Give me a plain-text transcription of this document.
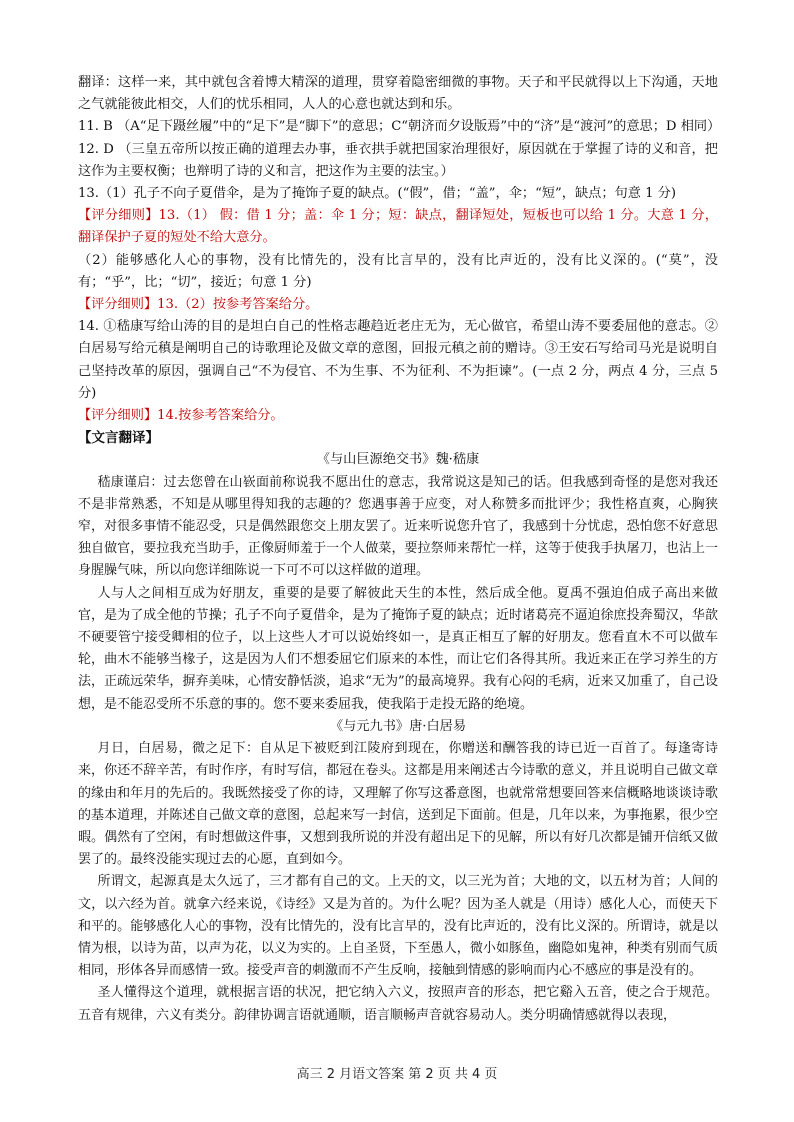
翻译：这样一来，其中就包含着博大精深的道理，贯穿着隐密细微的事物。天子和平民就得以上下沟通，天地之气就能彼此相交，人们的忧乐相同，人人的心意也就达到和乐。

11. B （A“足下蹑丝履”中的“足下”是“脚下”的意思；C“朝济而夕设版焉”中的“济”是“渡河”的意思；D 相同）

12. D （三皇五帝所以按正确的道理去办事，垂衣拱手就把国家治理很好，原因就在于掌握了诗的义和音，把这作为主要权衡；也辩明了诗的义和言，把这作为主要的法宝。）

13.（1）孔子不向子夏借伞，是为了掩饰子夏的缺点。(“假”，借；“盖”，伞；“短”，缺点；句意 1 分)

【评分细则】13.（1） 假：借 1 分；盖：伞 1 分；短：缺点，翻译短处，短板也可以给 1 分。大意 1 分，翻译保护子夏的短处不给大意分。

（2）能够感化人心的事物，没有比情先的，没有比言早的，没有比声近的，没有比义深的。(“莫”，没有；“乎”，比；“切”，接近；句意 1 分)

【评分细则】13.（2）按参考答案给分。

14. ①嵇康写给山涛的目的是坦白自己的性格志趣趋近老庄无为，无心做官，希望山涛不要委屈他的意志。②白居易写给元稹是阐明自己的诗歌理论及做文章的意图，回报元稹之前的赠诗。③王安石写给司马光是说明自己坚持改革的原因，强调自己“不为侵官、不为生事、不为征利、不为拒谏”。(一点 2 分，两点 4 分，三点 5 分)

【评分细则】14.按参考答案给分。

【文言翻译】

《与山巨源绝交书》魏·嵇康

嵇康谨启：过去您曾在山嵚面前称说我不愿出仕的意志，我常说这是知己的话。但我感到奇怪的是您对我还不是非常熟悉，不知是从哪里得知我的志趣的？您遇事善于应变，对人称赞多而批评少；我性格直爽，心胸狭窄，对很多事情不能忍受，只是偶然跟您交上朋友罢了。近来听说您升官了，我感到十分忧虑，恐怕您不好意思独自做官，要拉我充当助手，正像厨师羞于一个人做菜，要拉祭师来帮忙一样，这等于使我手执屠刀，也沾上一身腥臊气味，所以向您详细陈说一下可不可以这样做的道理。

人与人之间相互成为好朋友，重要的是要了解彼此天生的本性，然后成全他。夏禹不强迫伯成子高出来做官，是为了成全他的节操；孔子不向子夏借伞，是为了掩饰子夏的缺点；近时诸葛亮不逼迫徐庶投奔蜀汉，华歆不硬要管宁接受卿相的位子，以上这些人才可以说始终如一，是真正相互了解的好朋友。您看直木不可以做车轮，曲木不能够当椽子，这是因为人们不想委屈它们原来的本性，而让它们各得其所。我近来正在学习养生的方法，正疏远荣华，摒弃美味，心情安静恬淡，追求“无为”的最高境界。我有心闷的毛病，近来又加重了，自己设想，是不能忍受所不乐意的事的。您不要来委屈我，使我陷于走投无路的绝境。

《与元九书》唐·白居易

月日，白居易，微之足下：自从足下被贬到江陵府到现在，你赠送和酬答我的诗已近一百首了。每逢寄诗来，你还不辞辛苦，有时作序，有时写信，都冠在卷头。这都是用来阐述古今诗歌的意义，并且说明自己做文章的缘由和年月的先后的。我既然接受了你的诗，又理解了你写这番意图，也就常常想要回答来信概略地谈谈诗歌的基本道理，并陈述自己做文章的意图，总起来写一封信，送到足下面前。但是，几年以来，为事拖累，很少空暇。偶然有了空闲，有时想做这件事，又想到我所说的并没有超出足下的见解，所以有好几次都是铺开信纸又做罢了的。最终没能实现过去的心愿，直到如今。

所谓文，起源真是太久远了，三才都有自己的文。上天的文，以三光为首；大地的文，以五材为首；人间的文，以六经为首。就拿六经来说，《诗经》又是为首的。为什么呢？因为圣人就是（用诗）感化人心，而使天下和平的。能够感化人心的事物，没有比情先的，没有比言早的，没有比声近的，没有比义深的。所谓诗，就是以情为根，以诗为苗，以声为花，以义为实的。上自圣贤，下至愚人，微小如豚鱼，幽隐如鬼神，种类有别而气质相同，形体各异而感情一致。接受声音的刺激而不产生反响，接触到情感的影响而内心不感应的事是没有的。

圣人懂得这个道理，就根据言语的状况，把它纳入六义，按照声音的形态，把它谿入五音，使之合于规范。五音有规律，六义有类分。韵律协调言语就通顺，语言顺畅声音就容易动人。类分明确情感就得以表现，

高三 2 月语文答案 第 2 页 共 4 页
